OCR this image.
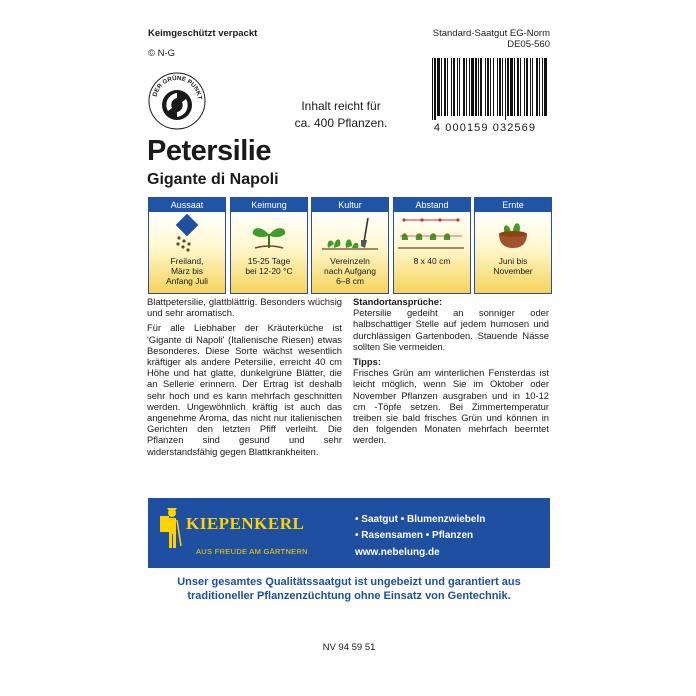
Keimgeschützt verpackt
© N-G
Standard-Saatgut EG-Norm
DE05-560
DER GRÜNE PUNKT
4 000159 032569
Inhalt reicht für
ca. 400 Pflanzen.
Petersilie
Gigante di Napoli
Aussaat
Freiland,
März bis
Anfang Juli
Keimung
15-25 Tage
bei 12-20 °C
Kultur
Vereinzeln
nach Aufgang
6–8 cm
Abstand
8 x 40 cm
Ernte
Juni bis
November

Blattpetersilie, glattblättrig. Besonders wüchsig und sehr aromatisch.

Für alle Liebhaber der Kräuterküche ist 'Gigante di Napoli' (Italienische Riesen) etwas Besonderes. Diese Sorte wächst wesentlich kräftiger als andere Petersilie, erreicht 40 cm Höhe und hat glatte, dunkelgrüne Blätter, die an Sellerie erinnern. Der Ertrag ist deshalb sehr hoch und es kann mehrfach geschnitten werden. Ungewöhnlich kräftig ist auch das angenehme Aroma, das nicht nur italienischen Gerichten den letzten Pfiff verleiht. Die Pflanzen sind gesund und sehr widerstandsfähig gegen Blattkrankheiten.

Standortansprüche:

Petersilie gedeiht an sonniger oder halbschattiger Stelle auf jedem humosen und durchlässigen Gartenboden. Stauende Nässe sollten Sie vermeiden.

Tipps:

Frisches Grün am winterlichen Fensterdas ist leicht möglich, wenn Sie im Oktober oder November Pflanzen ausgraben und in 10-12 cm -Töpfe setzen. Bei Zimmertemperatur treiben sie bald frisches Grün und können in den folgenden Monaten mehrfach beerntet werden.

KIEPENKERL
AUS FREUDE AM GÄRTNERN
• Saatgut • Blumenzwiebeln
• Rasensamen • Pflanzen
www.nebelung.de
Unser gesamtes Qualitätssaatgut ist ungebeizt und garantiert aus
traditioneller Pflanzenzüchtung ohne Einsatz von Gentechnik.
NV 94 59 51
